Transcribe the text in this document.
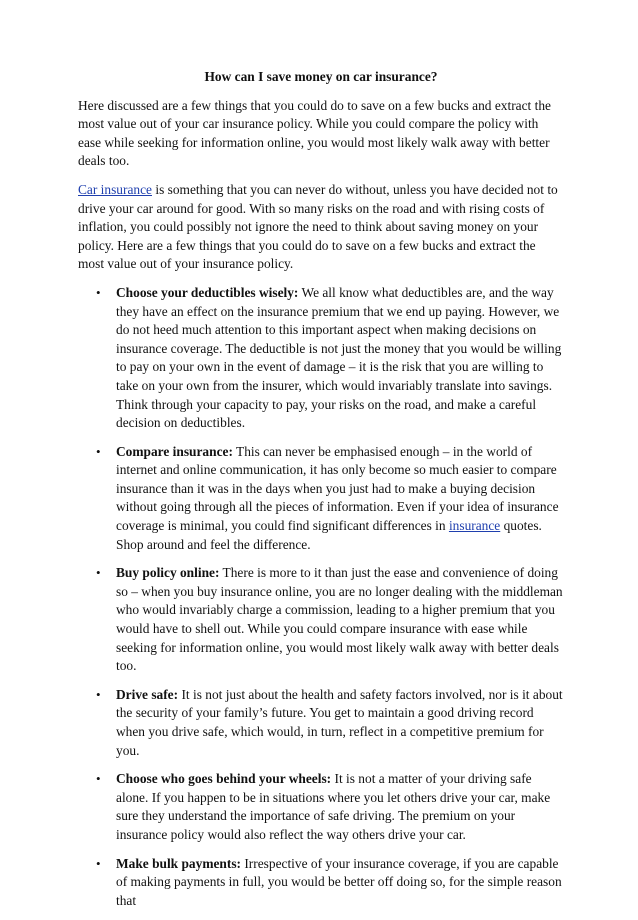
How can I save money on car insurance?

Here discussed are a few things that you could do to save on a few bucks and extract the most value out of your car insurance policy. While you could compare the policy with ease while seeking for information online, you would most likely walk away with better deals too.

Car insurance is something that you can never do without, unless you have decided not to drive your car around for good. With so many risks on the road and with rising costs of inflation, you could possibly not ignore the need to think about saving money on your policy. Here are a few things that you could do to save on a few bucks and extract the most value out of your insurance policy.

• Choose your deductibles wisely: We all know what deductibles are, and the way they have an effect on the insurance premium that we end up paying. However, we do not heed much attention to this important aspect when making decisions on insurance coverage. The deductible is not just the money that you would be willing to pay on your own in the event of damage – it is the risk that you are willing to take on your own from the insurer, which would invariably translate into savings. Think through your capacity to pay, your risks on the road, and make a careful decision on deductibles.
• Compare insurance: This can never be emphasised enough – in the world of internet and online communication, it has only become so much easier to compare insurance than it was in the days when you just had to make a buying decision without going through all the pieces of information. Even if your idea of insurance coverage is minimal, you could find significant differences in insurance quotes. Shop around and feel the difference.
• Buy policy online: There is more to it than just the ease and convenience of doing so – when you buy insurance online, you are no longer dealing with the middleman who would invariably charge a commission, leading to a higher premium that you would have to shell out. While you could compare insurance with ease while seeking for information online, you would most likely walk away with better deals too.
• Drive safe: It is not just about the health and safety factors involved, nor is it about the security of your family’s future. You get to maintain a good driving record when you drive safe, which would, in turn, reflect in a competitive premium for you.
• Choose who goes behind your wheels: It is not a matter of your driving safe alone. If you happen to be in situations where you let others drive your car, make sure they understand the importance of safe driving. The premium on your insurance policy would also reflect the way others drive your car.
• Make bulk payments: Irrespective of your insurance coverage, if you are capable of making payments in full, you would be better off doing so, for the simple reason that
